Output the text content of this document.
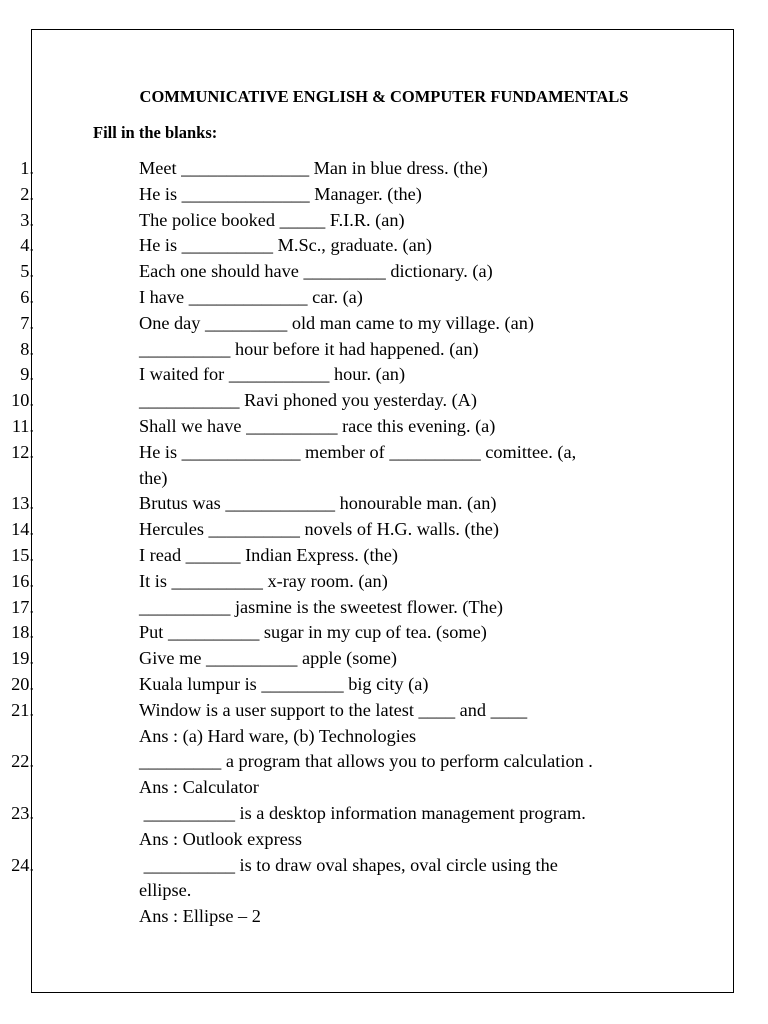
COMMUNICATIVE ENGLISH & COMPUTER FUNDAMENTALS
Fill in the blanks:
1.	Meet ______________ Man in blue dress. (the)
2.	He is ______________ Manager. (the)
3.	The police booked _____ F.I.R. (an)
4.	He is __________ M.Sc., graduate. (an)
5.	Each one should have _________ dictionary. (a)
6.	I have _____________ car. (a)
7.	One day _________ old man came to my village. (an)
8.	__________ hour before it had happened. (an)
9.	I waited for ___________ hour. (an)
10.	___________ Ravi phoned you yesterday. (A)
11.	Shall we have __________ race this evening. (a)
12.	He is _____________ member of __________ comittee. (a,
the)
13.	Brutus was ____________ honourable man. (an)
14.	Hercules __________ novels of H.G. walls. (the)
15.	I read ______ Indian Express. (the)
16.	It is __________ x-ray room. (an)
17.	__________ jasmine is the sweetest flower. (The)
18.	Put __________ sugar in my cup of tea. (some)
19.	Give me __________ apple (some)
20.	Kuala lumpur is _________ big city (a)
21.	Window is a user support to the latest ____ and ____
Ans : (a) Hard ware, (b) Technologies
22.	_________ a program that allows you to perform calculation .
Ans : Calculator
23.	__________ is a desktop information management program.
Ans : Outlook express
24.	__________ is to draw oval shapes, oval circle using the
ellipse.
Ans : Ellipse – 2
